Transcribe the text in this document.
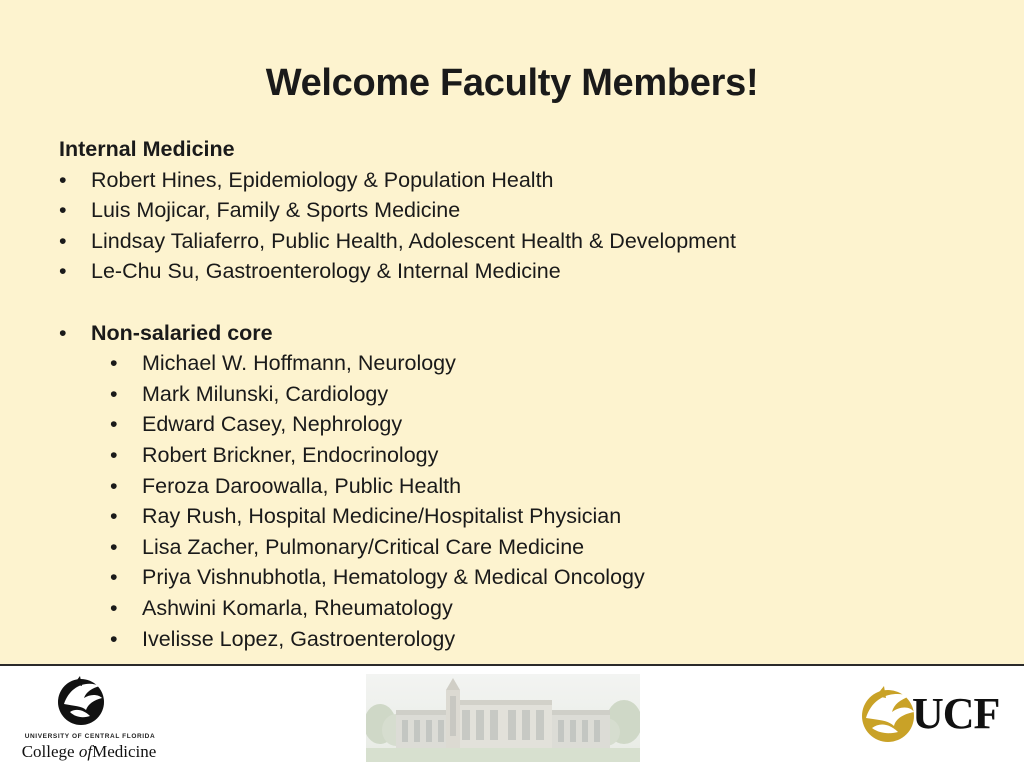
Welcome Faculty Members!
Internal Medicine
•	Robert Hines, Epidemiology & Population Health
•	Luis Mojicar, Family & Sports Medicine
•	Lindsay Taliaferro, Public Health, Adolescent Health & Development
•	Le-Chu Su, Gastroenterology & Internal Medicine
•	Non-salaried core
•	Michael W. Hoffmann, Neurology
•	Mark Milunski, Cardiology
•	Edward Casey, Nephrology
•	Robert Brickner, Endocrinology
•	Feroza Daroowalla, Public Health
•	Ray Rush, Hospital Medicine/Hospitalist Physician
•	Lisa Zacher, Pulmonary/Critical Care Medicine
•	Priya Vishnubhotla, Hematology & Medical Oncology
•	Ashwini Komarla, Rheumatology
•	Ivelisse Lopez, Gastroenterology
UNIVERSITY OF CENTRAL FLORIDA
College ofMedicine
UCF
